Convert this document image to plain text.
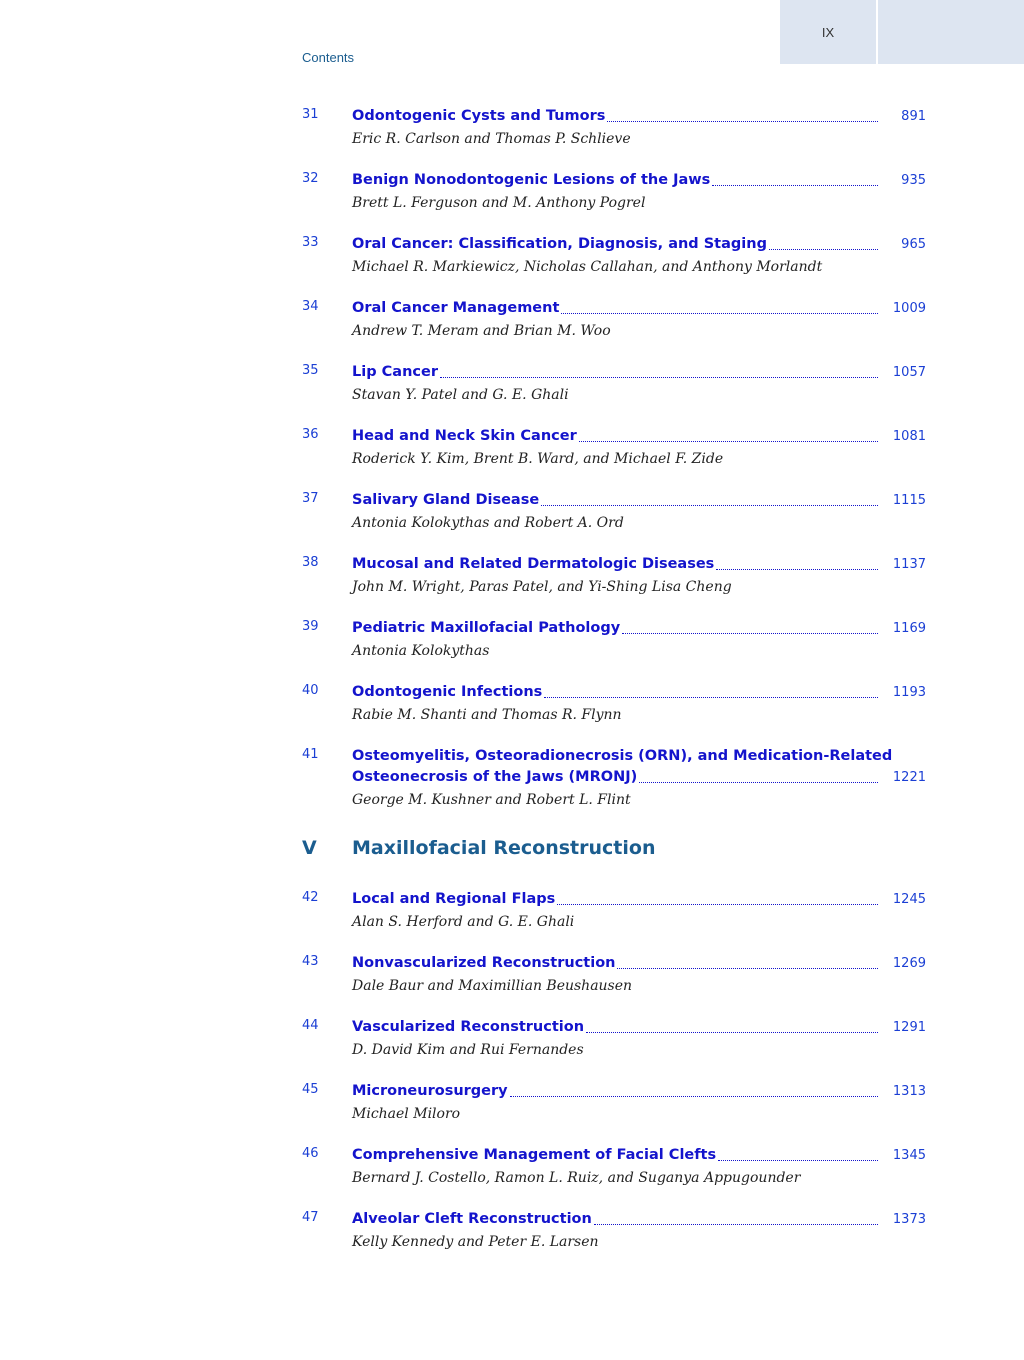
IX
Contents
31	Odontogenic Cysts and Tumors	891
Eric R. Carlson and Thomas P. Schlieve
32	Benign Nonodontogenic Lesions of the Jaws	935
Brett L. Ferguson and M. Anthony Pogrel
33	Oral Cancer: Classification, Diagnosis, and Staging	965
Michael R. Markiewicz, Nicholas Callahan, and Anthony Morlandt
34	Oral Cancer Management	1009
Andrew T. Meram and Brian M. Woo
35	Lip Cancer	1057
Stavan Y. Patel and G. E. Ghali
36	Head and Neck Skin Cancer	1081
Roderick Y. Kim, Brent B. Ward, and Michael F. Zide
37	Salivary Gland Disease	1115
Antonia Kolokythas and Robert A. Ord
38	Mucosal and Related Dermatologic Diseases	1137
John M. Wright, Paras Patel, and Yi-Shing Lisa Cheng
39	Pediatric Maxillofacial Pathology	1169
Antonia Kolokythas
40	Odontogenic Infections	1193
Rabie M. Shanti and Thomas R. Flynn
41	Osteomyelitis, Osteoradionecrosis (ORN), and Medication-Related
Osteonecrosis of the Jaws (MRONJ)	1221
George M. Kushner and Robert L. Flint
V Maxillofacial Reconstruction
42	Local and Regional Flaps	1245
Alan S. Herford and G. E. Ghali
43	Nonvascularized Reconstruction	1269
Dale Baur and Maximillian Beushausen
44	Vascularized Reconstruction	1291
D. David Kim and Rui Fernandes
45	Microneurosurgery	1313
Michael Miloro
46	Comprehensive Management of Facial Clefts	1345
Bernard J. Costello, Ramon L. Ruiz, and Suganya Appugounder
47	Alveolar Cleft Reconstruction	1373
Kelly Kennedy and Peter E. Larsen
